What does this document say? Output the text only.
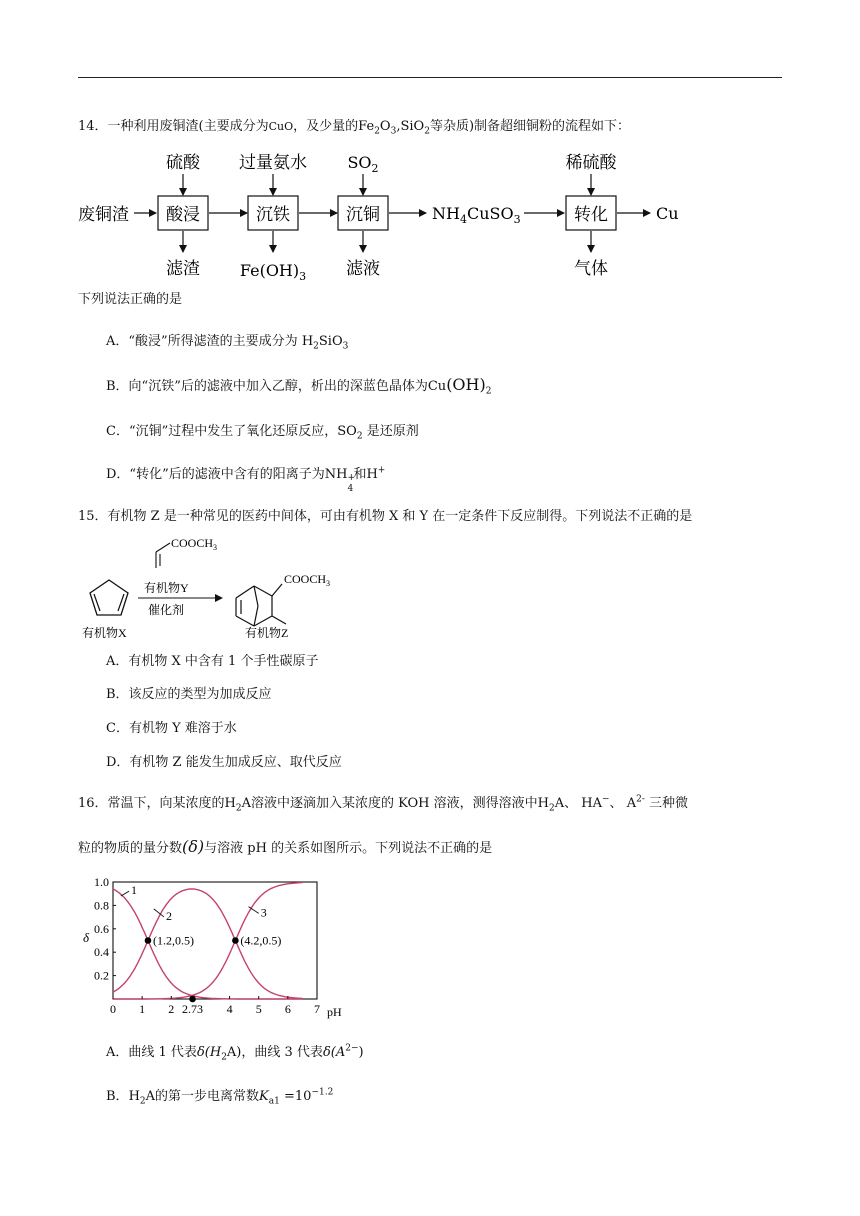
14．一种利用废铜渣(主要成分为CuO，及少量的$Fe_2O_3,SiO_2$等杂质)制备超细铜粉的流程如下：
废铜渣 酸浸
硫酸
滤渣
沉铁
过量氨水
$Fe(OH)_3$
沉铜
$SO_2$
滤液
$NH_4CuSO_3$	转化
稀硫酸
气体
Cu
下列说法正确的是
A．“酸浸”所得滤渣的主要成分为 $H_2SiO_3$
B．向“沉铁”后的滤液中加入乙醇，析出的深蓝色晶体为$Cu(OH)_2$
C．“沉铜”过程中发生了氧化还原反应，$SO_2$ 是还原剂
D．“转化”后的滤液中含有的阳离子为NH +
4
和H+
15．有机物 Z 是一种常见的医药中间体，可由有机物 X 和 Y 在一定条件下反应制得。下列说法不正确的是
$COOCH_3$
有机物Y
催化剂
有机物X
$COOCH_3$
有机物Z
A．有机物 X 中含有 1 个手性碳原子
B．该反应的类型为加成反应
C．有机物 Y 难溶于水
D．有机物 Z 能发生加成反应、取代反应
16．常温下，向某浓度的$H_2A$溶液中逐滴加入某浓度的 KOH 溶液，测得溶液中$H_2A$、 HA−、 $A^{2-}$ 三种微
粒的物质的量分数(δ)与溶液 pH 的关系如图所示。下列说法不正确的是
δ
pH
0 1 2 2.73 4 5 6 7
0.2
0.4
0.6
0.8
1.0
1
2	3
(1.2,0.5)	(4.2,0.5)
A．曲线 1 代表$\delta(H_2A)$，曲线 3 代表$\delta(A^{2-})$
B．$H_2A$的第一步电离常数$K_{a1} =10^{-1.2}$
